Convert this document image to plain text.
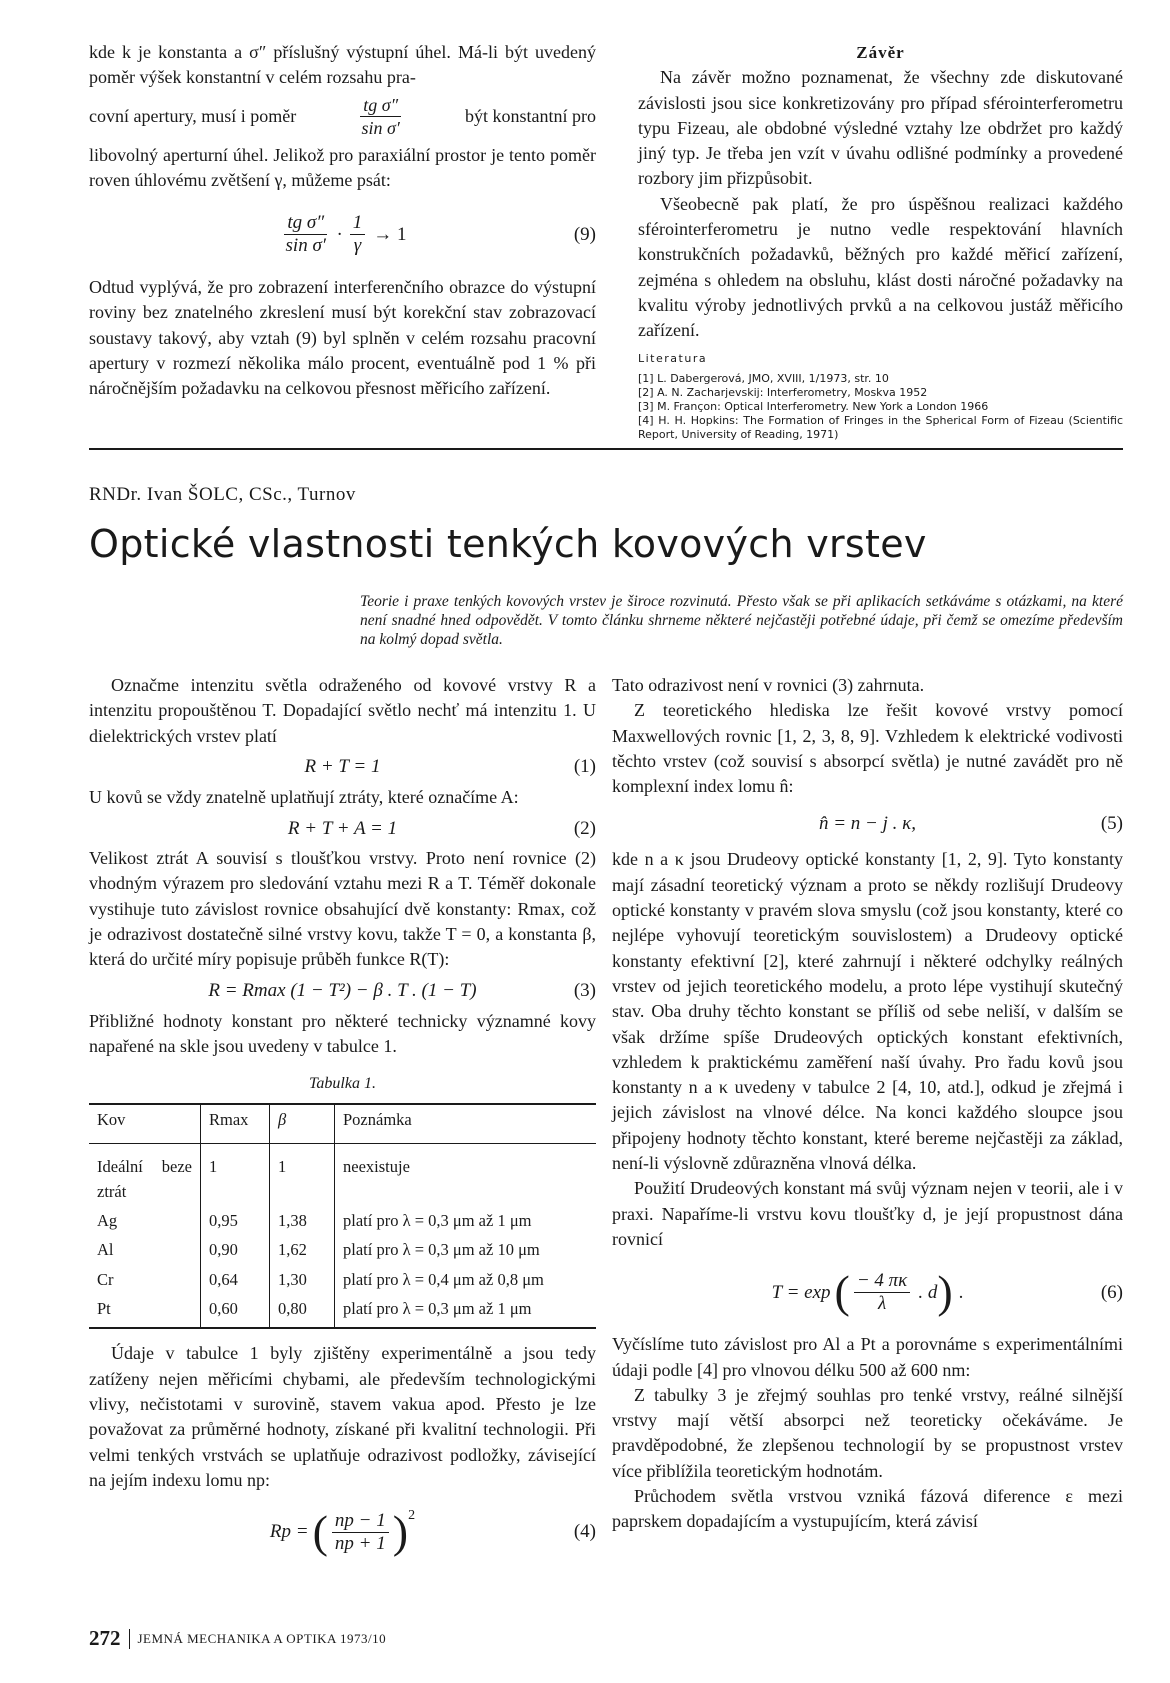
kde k je konstanta a σ″ příslušný výstupní úhel. Má-li být uvedený poměr výšek konstantní v celém rozsahu pra-

covní apertury, musí i poměr	$\frac{\text{tg σ″}}{\text{sin σ′}}$	být konstantní pro

libovolný aperturní úhel. Jelikož pro paraxiální prostor je tento poměr roven úhlovému zvětšení γ, můžeme psát:

$\frac{\text{tg σ″}}{\text{sin σ′}} \cdot \frac{1}{\gamma} \to 1$	(9)

Odtud vyplývá, že pro zobrazení interferenčního obrazce do výstupní roviny bez znatelného zkreslení musí být korekční stav zobrazovací soustavy takový, aby vztah (9) byl splněn v celém rozsahu pracovní apertury v rozmezí několika málo procent, eventuálně pod 1 % při náročnějším požadavku na celkovou přesnost měřicího zařízení.

Závěr

Na závěr možno poznamenat, že všechny zde diskutované závislosti jsou sice konkretizovány pro případ sférointerferometru typu Fizeau, ale obdobné výsledné vztahy lze obdržet pro každý jiný typ. Je třeba jen vzít v úvahu odlišné podmínky a provedené rozbory jim přizpůsobit.

Všeobecně pak platí, že pro úspěšnou realizaci každého sférointerferometru je nutno vedle respektování hlavních konstrukčních požadavků, běžných pro každé měřicí zařízení, zejména s ohledem na obsluhu, klást dosti náročné požadavky na kvalitu výroby jednotlivých prvků a na celkovou justáž měřicího zařízení.

Literatura
[1] L. Dabergerová, JMO, XVIII, 1/1973, str. 10
[2] A. N. Zacharjevskij: Interferometry, Moskva 1952
[3] M. Françon: Optical Interferometry. New York a London 1966
[4] H. H. Hopkins: The Formation of Fringes in the Spherical Form of Fizeau (Scientific Report, University of Reading, 1971)
RNDr. Ivan ŠOLC, CSc., Turnov
Optické vlastnosti tenkých kovových vrstev
Teorie i praxe tenkých kovových vrstev je široce rozvinutá. Přesto však se při aplikacích setkáváme s otázkami, na které není snadné hned odpovědět. V tomto článku shrneme některé nejčastěji potřebné údaje, při čemž se omezíme především na kolmý dopad světla.

Označme intenzitu světla odraženého od kovové vrstvy R a intenzitu propouštěnou T. Dopadající světlo nechť má intenzitu 1. U dielektrických vrstev platí

R + T = 1	(1)

U kovů se vždy znatelně uplatňují ztráty, které označíme A:

R + T + A = 1	(2)

Velikost ztrát A souvisí s tloušťkou vrstvy. Proto není rovnice (2) vhodným výrazem pro sledování vztahu mezi R a T. Téměř dokonale vystihuje tuto závislost rovnice obsahující dvě konstanty: Rmax, což je odrazivost dostatečně silné vrstvy kovu, takže T = 0, a konstanta β, která do určité míry popisuje průběh funkce R(T):

R = Rmax (1 − T²) − β . T . (1 − T)	(3)

Přibližné hodnoty konstant pro některé technicky významné kovy napařené na skle jsou uvedeny v tabulce 1.

Tabulka 1.
Kov	Rmax	β	Poznámka
Ideální beze ztrát	1	1	neexistuje
Ag	0,95	1,38	platí pro λ = 0,3 μm až 1 μm
Al	0,90	1,62	platí pro λ = 0,3 μm až 10 μm
Cr	0,64	1,30	platí pro λ = 0,4 μm až 0,8 μm
Pt	0,60	0,80	platí pro λ = 0,3 μm až 1 μm

Údaje v tabulce 1 byly zjištěny experimentálně a jsou tedy zatíženy nejen měřicími chybami, ale především technologickými vlivy, nečistotami v surovině, stavem vakua apod. Přesto je lze považovat za průměrné hodnoty, získané při kvalitní technologii. Při velmi tenkých vrstvách se uplatňuje odrazivost podložky, závisející na jejím indexu lomu np:

Rp = ( $\frac{np - 1}{np + 1} )^2$
(4)

Tato odrazivost není v rovnici (3) zahrnuta.

Z teoretického hlediska lze řešit kovové vrstvy pomocí Maxwellových rovnic [1, 2, 3, 8, 9]. Vzhledem k elektrické vodivosti těchto vrstev (což souvisí s absorpcí světla) je nutné zavádět pro ně komplexní index lomu n̂:

n̂ = n − j . κ,	(5)

kde n a κ jsou Drudeovy optické konstanty [1, 2, 9]. Tyto konstanty mají zásadní teoretický význam a proto se někdy rozlišují Drudeovy optické konstanty v pravém slova smyslu (což jsou konstanty, které co nejlépe vyhovují teoretickým souvislostem) a Drudeovy optické konstanty efektivní [2], které zahrnují i některé odchylky reálných vrstev od jejich teoretického modelu, a proto lépe vystihují skutečný stav. Oba druhy těchto konstant se příliš od sebe neliší, v dalším se však držíme spíše Drudeových optických konstant efektivních, vzhledem k praktickému zaměření naší úvahy. Pro řadu kovů jsou konstanty n a κ uvedeny v tabulce 2 [4, 10, atd.], odkud je zřejmá i jejich závislost na vlnové délce. Na konci každého sloupce jsou připojeny hodnoty těchto konstant, které bereme nejčastěji za základ, není-li výslovně zdůrazněna vlnová délka.

Použití Drudeových konstant má svůj význam nejen v teorii, ale i v praxi. Napaříme-li vrstvu kovu tloušťky d, je její propustnost dána rovnicí

T = exp ( $\frac{- 4 \pi\kappa}{\lambda}$ . d ) .	(6)

Vyčíslíme tuto závislost pro Al a Pt a porovnáme s experimentálními údaji podle [4] pro vlnovou délku 500 až 600 nm:

Z tabulky 3 je zřejmý souhlas pro tenké vrstvy, reálné silnější vrstvy mají větší absorpci než teoreticky očekáváme. Je pravděpodobné, že zlepšenou technologií by se propustnost vrstev více přiblížila teoretickým hodnotám.

Průchodem světla vrstvou vzniká fázová diference ε mezi paprskem dopadajícím a vystupujícím, která závisí

272 JEMNÁ MECHANIKA A OPTIKA 1973/10
